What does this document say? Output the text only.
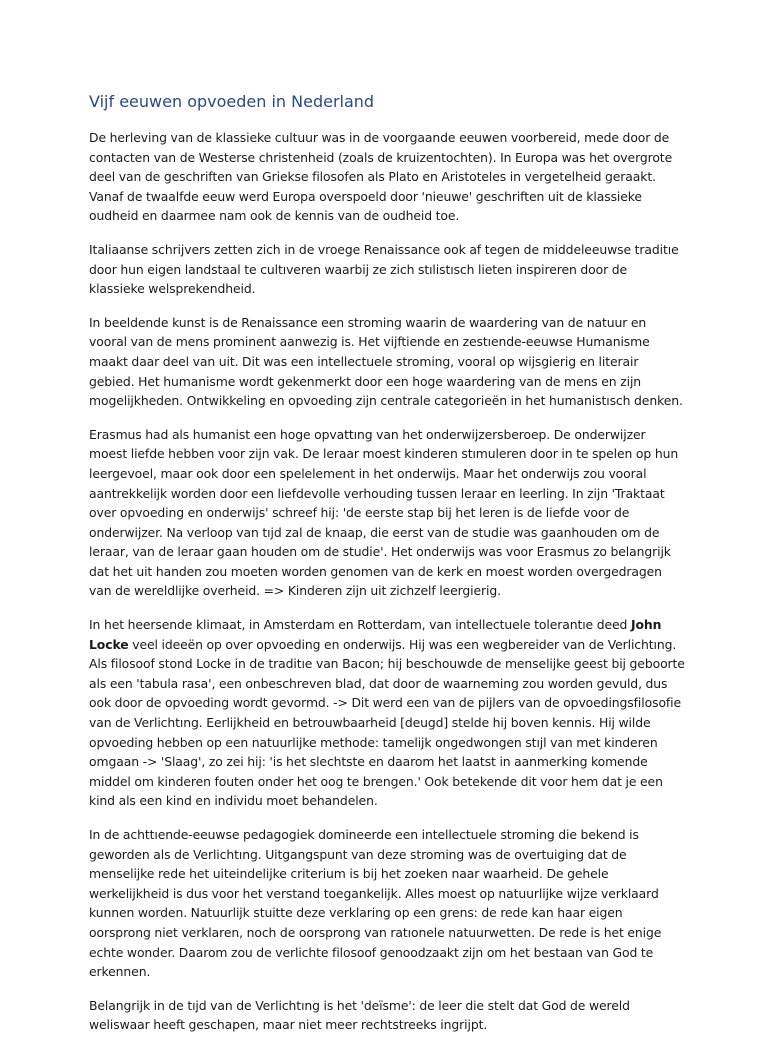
Vijf eeuwen opvoeden in Nederland

De herleving van de klassieke cultuur was in de voorgaande eeuwen voorbereid, mede door de contacten van de Westerse christenheid (zoals de kruizentochten). In Europa was het overgrote deel van de geschriften van Griekse filosofen als Plato en Aristoteles in vergetelheid geraakt. Vanaf de twaalfde eeuw werd Europa overspoeld door 'nieuwe' geschriften uit de klassieke oudheid en daarmee nam ook de kennis van de oudheid toe.

Italiaanse schrijvers zetten zich in de vroege Renaissance ook af tegen de middeleeuwse traditıe door hun eigen landstaal te cultıveren waarbij ze zich stılistısch lieten inspireren door de klassieke welsprekendheid.

In beeldende kunst is de Renaissance een stroming waarin de waardering van de natuur en vooral van de mens prominent aanwezig is. Het vijftiende en zestıende-eeuwse Humanisme maakt daar deel van uit. Dit was een intellectuele stroming, vooral op wijsgierig en literair gebied. Het humanisme wordt gekenmerkt door een hoge waardering van de mens en zijn mogelijkheden. Ontwikkeling en opvoeding zijn centrale categorieën in het humanistısch denken.

Erasmus had als humanist een hoge opvattıng van het onderwijzersberoep. De onderwijzer moest liefde hebben voor zijn vak. De leraar moest kinderen stımuleren door in te spelen op hun leergevoel, maar ook door een spelelement in het onderwijs. Maar het onderwijs zou vooral aantrekkelijk worden door een liefdevolle verhouding tussen leraar en leerling. In zijn 'Traktaat over opvoeding en onderwijs' schreef hij: 'de eerste stap bij het leren is de liefde voor de onderwijzer. Na verloop van tıjd zal de knaap, die eerst van de studie was gaanhouden om de leraar, van de leraar gaan houden om de studie'. Het onderwijs was voor Erasmus zo belangrijk dat het uit handen zou moeten worden genomen van de kerk en moest worden overgedragen van de wereldlijke overheid. => Kinderen zijn uit zichzelf leergierig.

In het heersende klimaat, in Amsterdam en Rotterdam, van intellectuele tolerantıe deed John Locke veel ideeën op over opvoeding en onderwijs. Hij was een wegbereider van de Verlichtıng. Als filosoof stond Locke in de traditıe van Bacon; hij beschouwde de menselijke geest bij geboorte als een 'tabula rasa', een onbeschreven blad, dat door de waarneming zou worden gevuld, dus ook door de opvoeding wordt gevormd. -> Dit werd een van de pijlers van de opvoedingsfilosofie van de Verlichtıng. Eerlijkheid en betrouwbaarheid [deugd] stelde hij boven kennis. Hij wilde opvoeding hebben op een natuurlijke methode: tamelijk ongedwongen stıjl van met kinderen omgaan -> 'Slaag', zo zei hij: 'is het slechtste en daarom het laatst in aanmerking komende middel om kinderen fouten onder het oog te brengen.' Ook betekende dit voor hem dat je een kind als een kind en individu moet behandelen.

In de achttıende-eeuwse pedagogiek domineerde een intellectuele stroming die bekend is geworden als de Verlichtıng. Uitgangspunt van deze stroming was de overtuiging dat de menselijke rede het uiteindelijke criterium is bij het zoeken naar waarheid. De gehele werkelijkheid is dus voor het verstand toegankelijk. Alles moest op natuurlijke wijze verklaard kunnen worden. Natuurlijk stuitte deze verklaring op een grens: de rede kan haar eigen oorsprong niet verklaren, noch de oorsprong van ratıonele natuurwetten. De rede is het enige echte wonder. Daarom zou de verlichte filosoof genoodzaakt zijn om het bestaan van God te erkennen.

Belangrijk in de tıjd van de Verlichtıng is het 'deïsme': de leer die stelt dat God de wereld weliswaar heeft geschapen, maar niet meer rechtstreeks ingrijpt.
